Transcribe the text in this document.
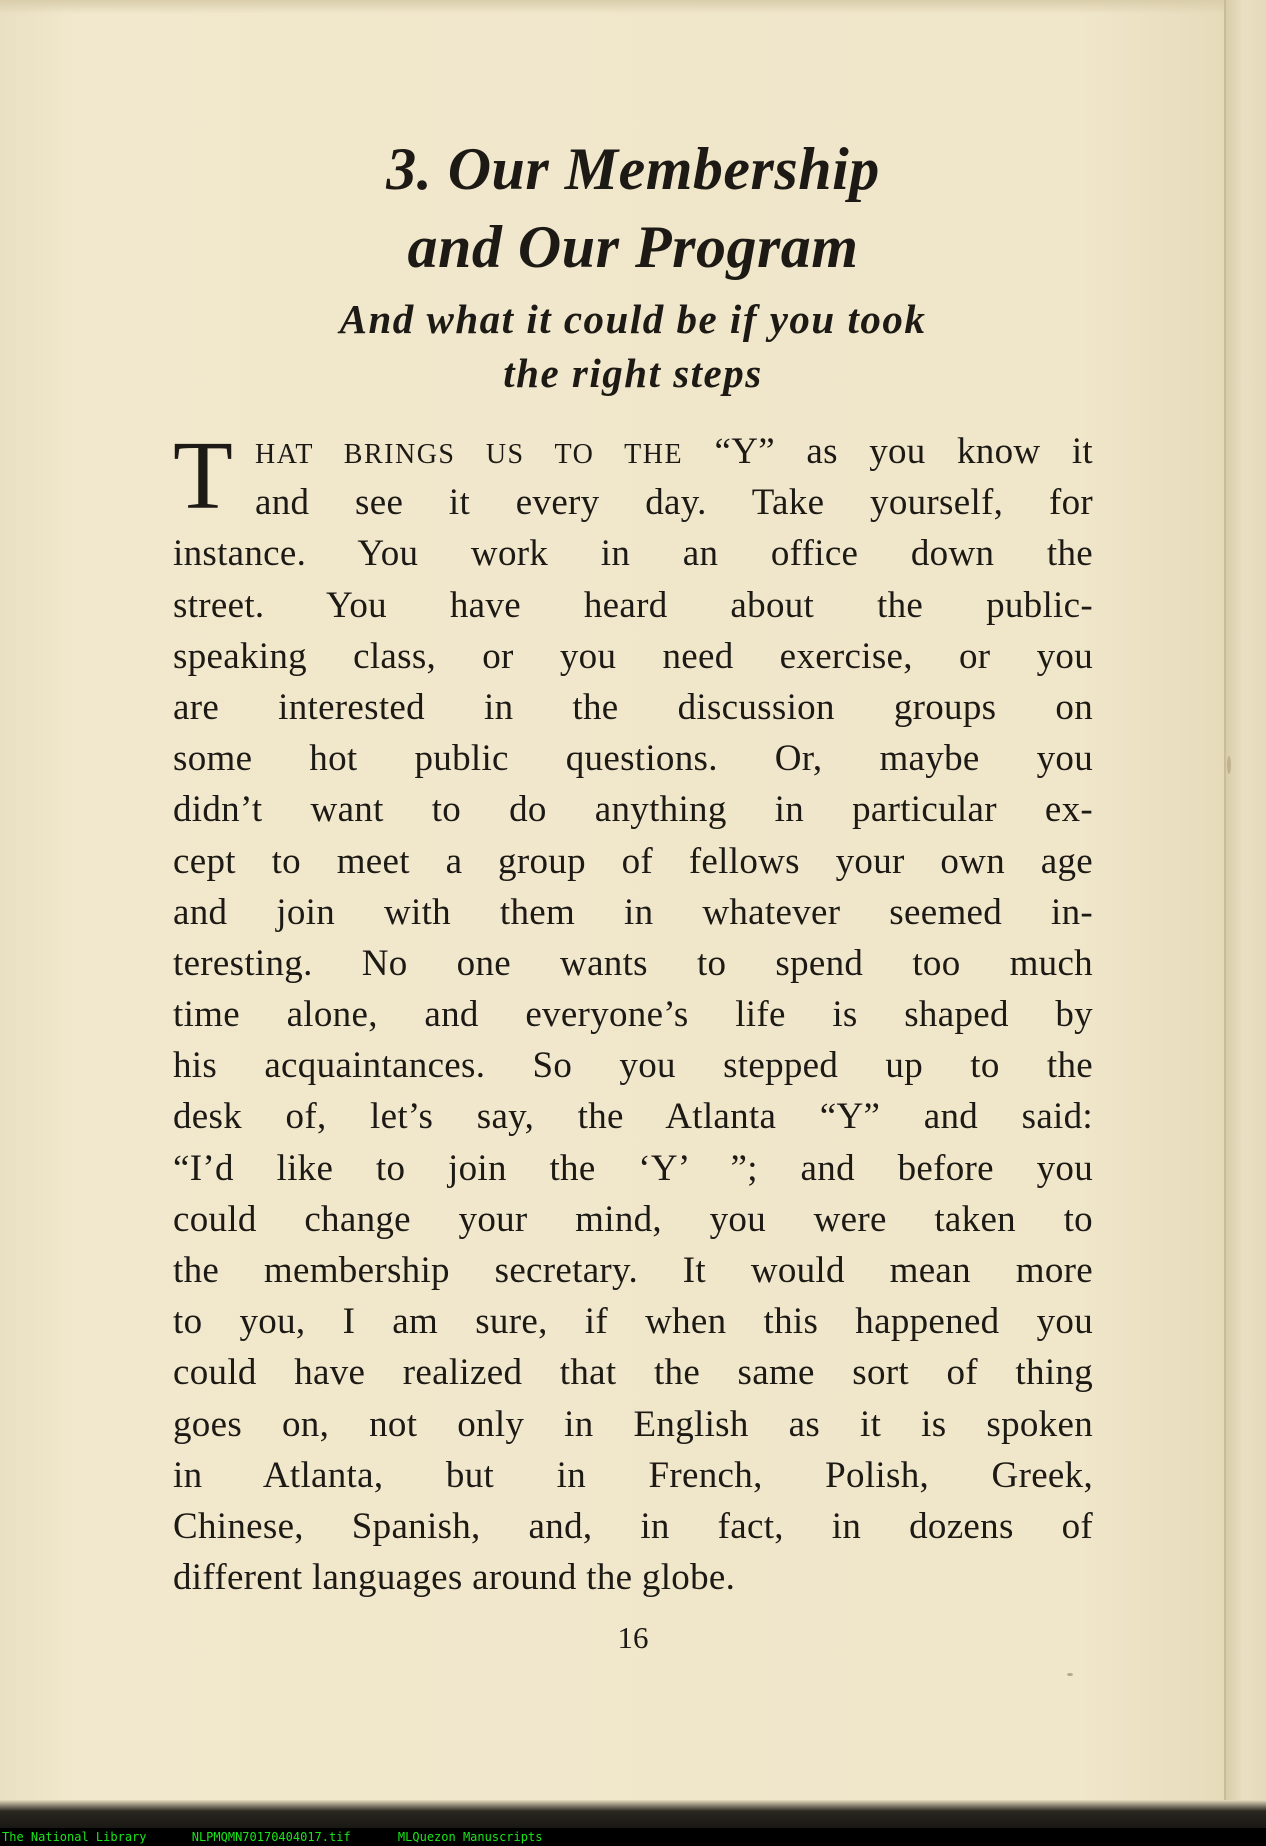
3. Our Membership
and Our Program
And what it could be if you took
the right steps
T HAT BRINGS US TO THE “Y” as you know it
and see it every day. Take yourself, for
instance. You work in an office down the
street. You have heard about the public-
speaking class, or you need exercise, or you
are interested in the discussion groups on
some hot public questions. Or, maybe you
didn’t want to do anything in particular ex-
cept to meet a group of fellows your own age
and join with them in whatever seemed in-
teresting. No one wants to spend too much
time alone, and everyone’s life is shaped by
his acquaintances. So you stepped up to the
desk of, let’s say, the Atlanta “Y” and said:
“I’d like to join the ‘Y’ ”; and before you
could change your mind, you were taken to
the membership secretary. It would mean more
to you, I am sure, if when this happened you
could have realized that the same sort of thing
goes on, not only in English as it is spoken
in Atlanta, but in French, Polish, Greek,
Chinese, Spanish, and, in fact, in dozens of
different languages around the globe.
16
The National Library	NLPMQMN70170404017.tif	MLQuezon Manuscripts
